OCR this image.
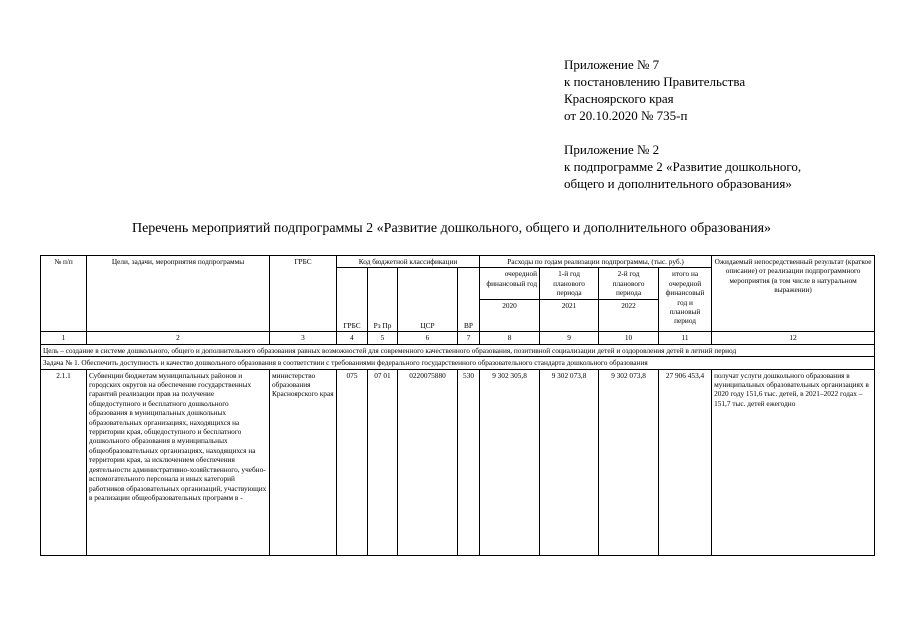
Приложение № 7
к постановлению Правительства
Красноярского края
от 20.10.2020 № 735-п
Приложение № 2
к подпрограмме 2 «Развитие дошкольного,
общего и дополнительного образования»
Перечень мероприятий подпрограммы 2 «Развитие дошкольного, общего и дополнительного образования»
№ п/п	Цели, задачи, мероприятия подпрограммы	ГРБС	Код бюджетной классификации				Расходы по годам реализации подпрограммы, (тыс. руб.)				Ожидаемый непосредственный результат (краткое описание) от реализации подпрограммного мероприятия (в том числе в натуральном выражении)
			ГРБС	Рз Пр	ЦСР	ВР	очередной финансовый год	1-й год планового периода	2-й год планового периода	итого на очередной финансовый год и плановый период	
							2020	2021	2022		
1	2	3	4	5	6	7	8	9	10	11	12
Цель – создание в системе дошкольного, общего и дополнительного образования равных возможностей для современного качественного образования, позитивной социализации детей и оздоровления детей в летний период											
Задача № 1. Обеспечить доступность и качество дошкольного образования в соответствии с требованиями федерального государственного образовательного стандарта дошкольного образования											
2.1.1	Субвенции бюджетам муниципальных районов и городских округов на обеспечение государственных гарантий реализации прав на получение общедоступного и бесплатного дошкольного образования в муниципальных дошкольных образовательных организациях, находящихся на территории края, общедоступного и бесплатного дошкольного образования в муниципальных общеобразовательных организациях, находящихся на территории края, за исключением обеспечения деятельности административно-хозяйственного, учебно-вспомогательного персонала и иных категорий работников образовательных организаций, участвующих в реализации общеобразовательных программ в -	министерство образования Красноярского края	075	07 01	0220075880	530	9 302 305,8	9 302 073,8	9 302 073,8	27 906 453,4	получат услуги дошкольного образования в муниципальных образовательных организациях в 2020 году 151,6 тыс. детей, в 2021–2022 годах – 151,7 тыс. детей ежегодно
